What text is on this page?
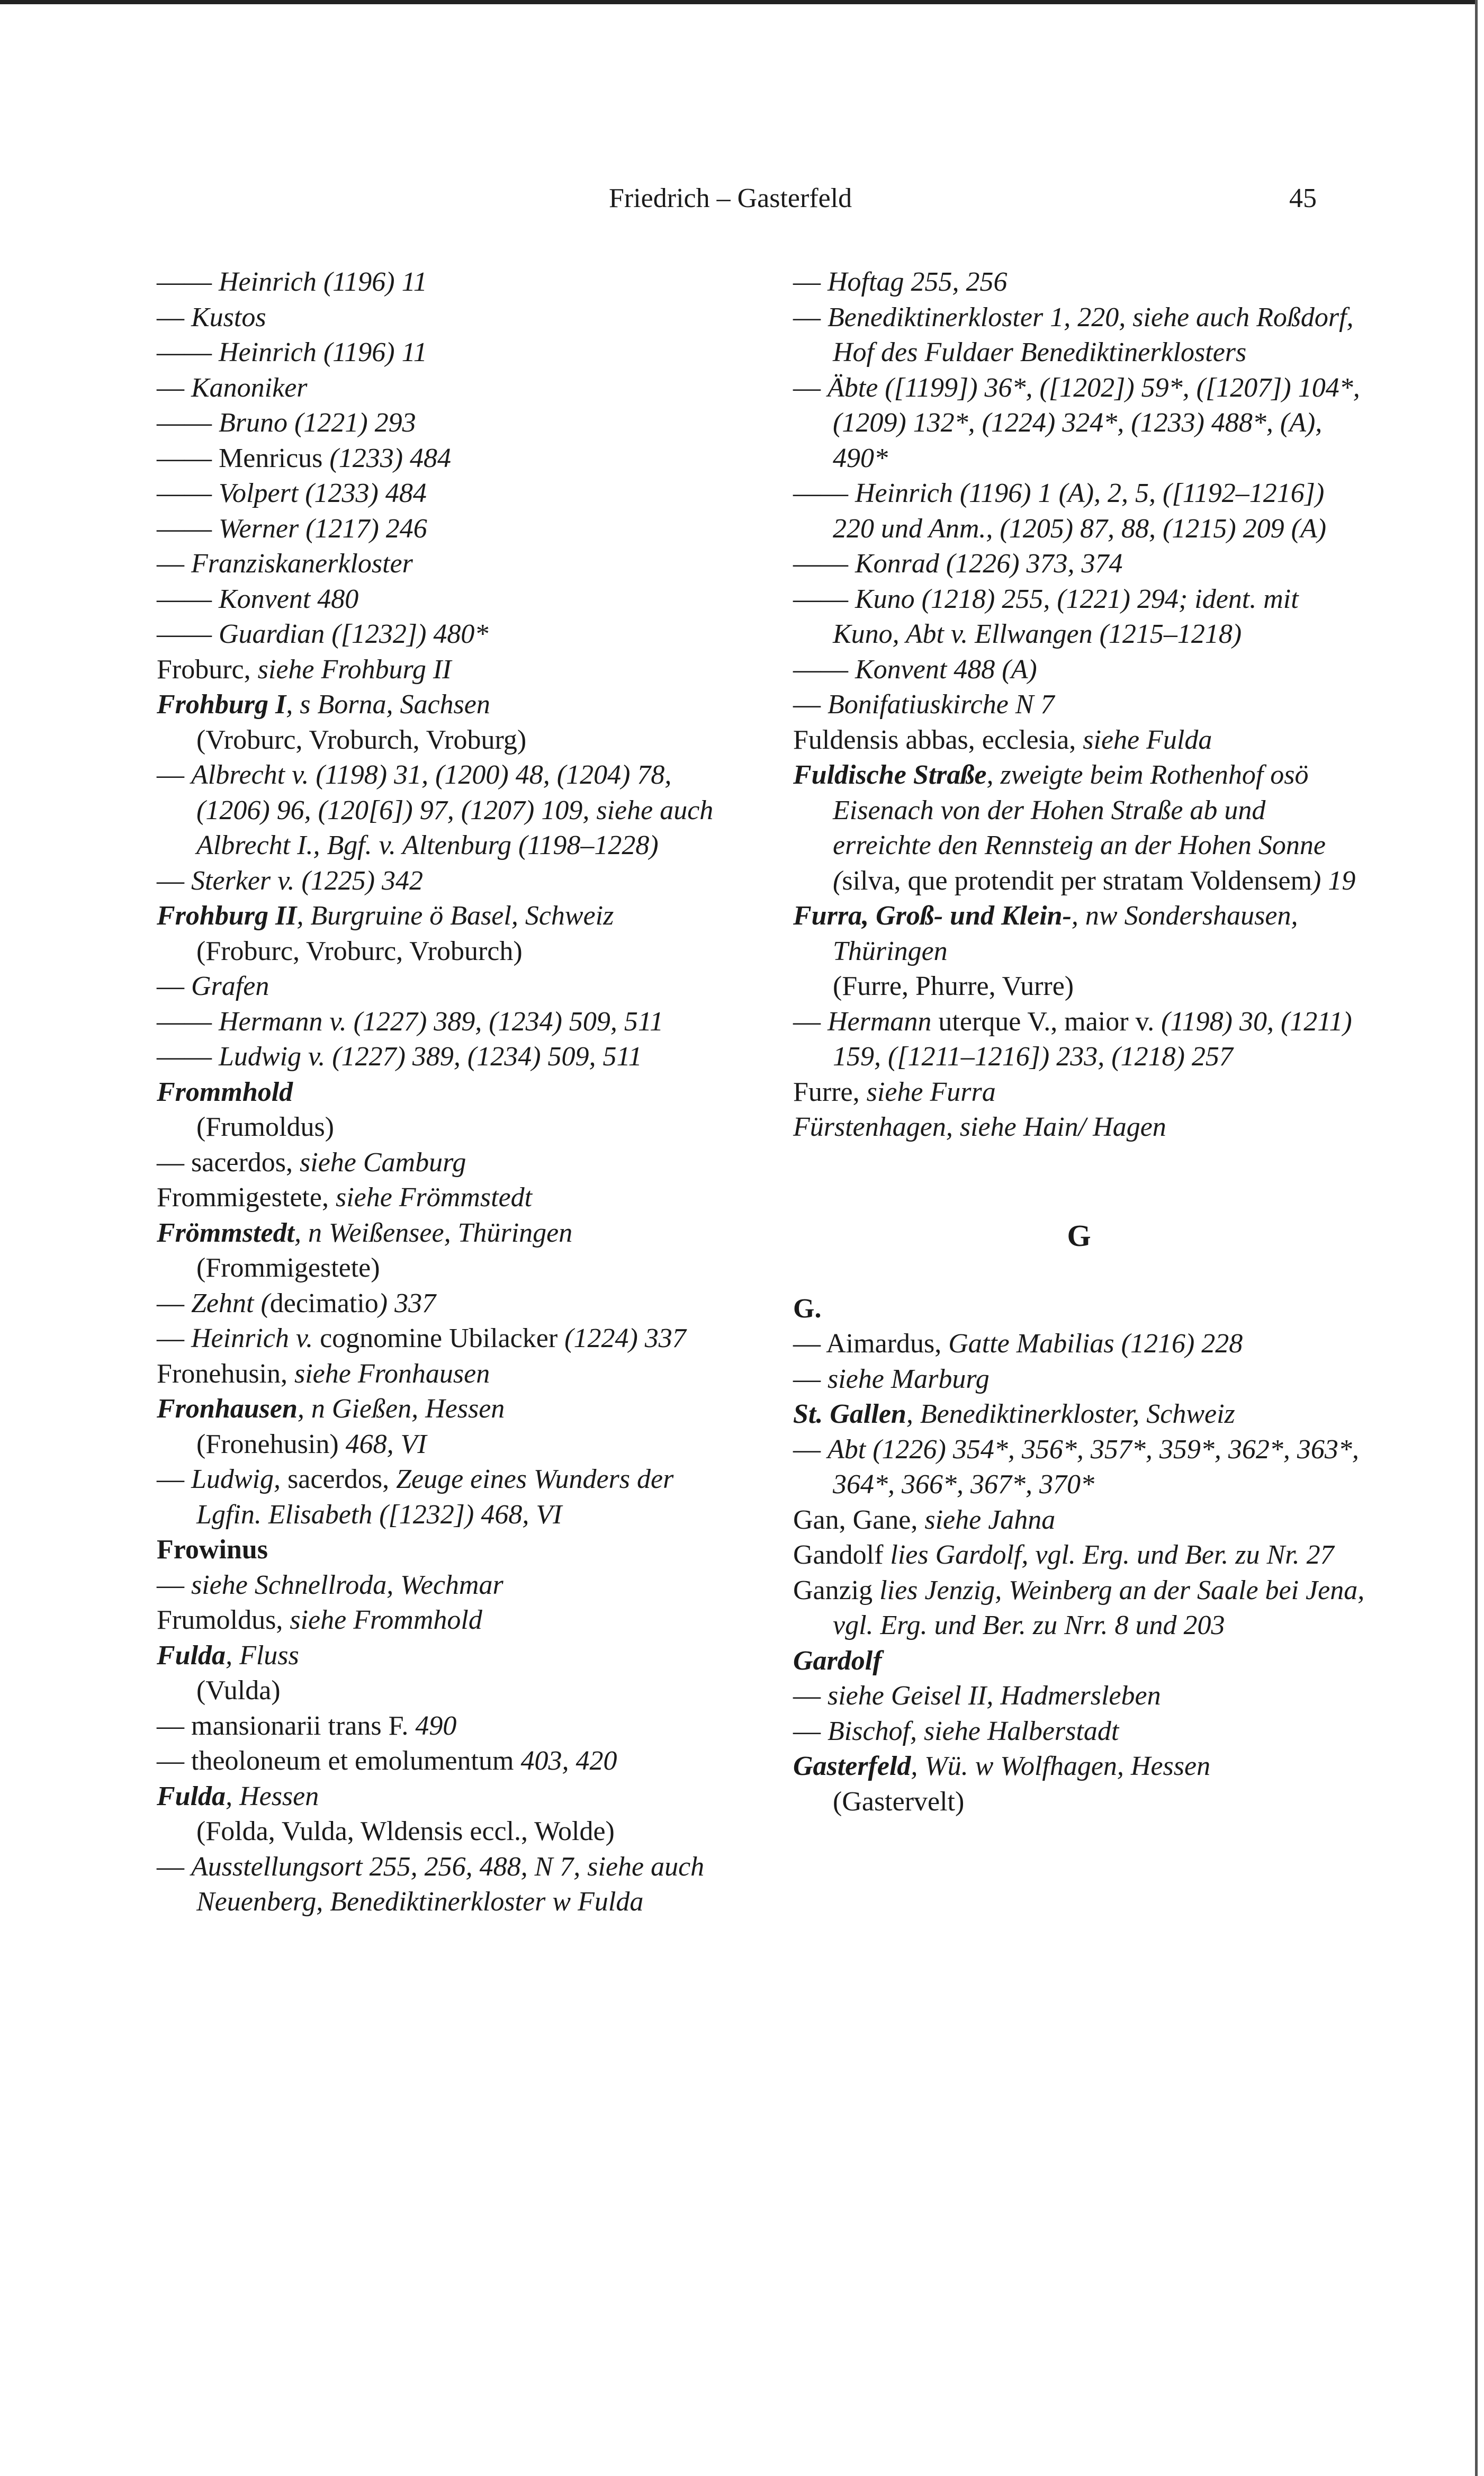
Friedrich – Gasterfeld	45
—— Heinrich (1196) 11
— Kustos
—— Heinrich (1196) 11
— Kanoniker
—— Bruno (1221) 293
—— Menricus (1233) 484
—— Volpert (1233) 484
—— Werner (1217) 246
— Franziskanerkloster
—— Konvent 480
—— Guardian ([1232]) 480*
Froburc, siehe Frohburg II
Frohburg I, s Borna, Sachsen
(Vroburc, Vroburch, Vroburg)
— Albrecht v. (1198) 31, (1200) 48, (1204) 78, (1206) 96, (120[6]) 97, (1207) 109, siehe auch Albrecht I., Bgf. v. Altenburg (1198–1228)
— Sterker v. (1225) 342
Frohburg II, Burgruine ö Basel, Schweiz
(Froburc, Vroburc, Vroburch)
— Grafen
—— Hermann v. (1227) 389, (1234) 509, 511
—— Ludwig v. (1227) 389, (1234) 509, 511
Frommhold
(Frumoldus)
— sacerdos, siehe Camburg
Frommigestete, siehe Frömmstedt
Frömmstedt, n Weißensee, Thüringen
(Frommigestete)
— Zehnt (decimatio) 337
— Heinrich v. cognomine Ubilacker (1224) 337
Fronehusin, siehe Fronhausen
Fronhausen, n Gießen, Hessen
(Fronehusin) 468, VI
— Ludwig, sacerdos, Zeuge eines Wunders der Lgfin. Elisabeth ([1232]) 468, VI
Frowinus
— siehe Schnellroda, Wechmar
Frumoldus, siehe Frommhold
Fulda, Fluss
(Vulda)
— mansionarii trans F. 490
— theoloneum et emolumentum 403, 420
Fulda, Hessen
(Folda, Vulda, Wldensis eccl., Wolde)
— Ausstellungsort 255, 256, 488, N 7, siehe auch Neuenberg, Benediktinerkloster w Fulda
— Hoftag 255, 256
— Benediktinerkloster 1, 220, siehe auch Roßdorf, Hof des Fuldaer Benediktinerklosters
— Äbte ([1199]) 36*, ([1202]) 59*, ([1207]) 104*, (1209) 132*, (1224) 324*, (1233) 488*, (A), 490*
—— Heinrich (1196) 1 (A), 2, 5, ([1192–1216]) 220 und Anm., (1205) 87, 88, (1215) 209 (A)
—— Konrad (1226) 373, 374
—— Kuno (1218) 255, (1221) 294; ident. mit Kuno, Abt v. Ellwangen (1215–1218)
—— Konvent 488 (A)
— Bonifatiuskirche N 7
Fuldensis abbas, ecclesia, siehe Fulda
Fuldische Straße, zweigte beim Rothenhof osö Eisenach von der Hohen Straße ab und erreichte den Rennsteig an der Hohen Sonne (silva, que protendit per stratam Voldensem) 19
Furra, Groß- und Klein-, nw Sondershausen, Thüringen
(Furre, Phurre, Vurre)
— Hermann uterque V., maior v. (1198) 30, (1211) 159, ([1211–1216]) 233, (1218) 257
Furre, siehe Furra
Fürstenhagen, siehe Hain/ Hagen
G
G.
— Aimardus, Gatte Mabilias (1216) 228
— siehe Marburg
St. Gallen, Benediktinerkloster, Schweiz
— Abt (1226) 354*, 356*, 357*, 359*, 362*, 363*, 364*, 366*, 367*, 370*
Gan, Gane, siehe Jahna
Gandolf lies Gardolf, vgl. Erg. und Ber. zu Nr. 27
Ganzig lies Jenzig, Weinberg an der Saale bei Jena, vgl. Erg. und Ber. zu Nrr. 8 und 203
Gardolf
— siehe Geisel II, Hadmersleben
— Bischof, siehe Halberstadt
Gasterfeld, Wü. w Wolfhagen, Hessen
(Gastervelt)
